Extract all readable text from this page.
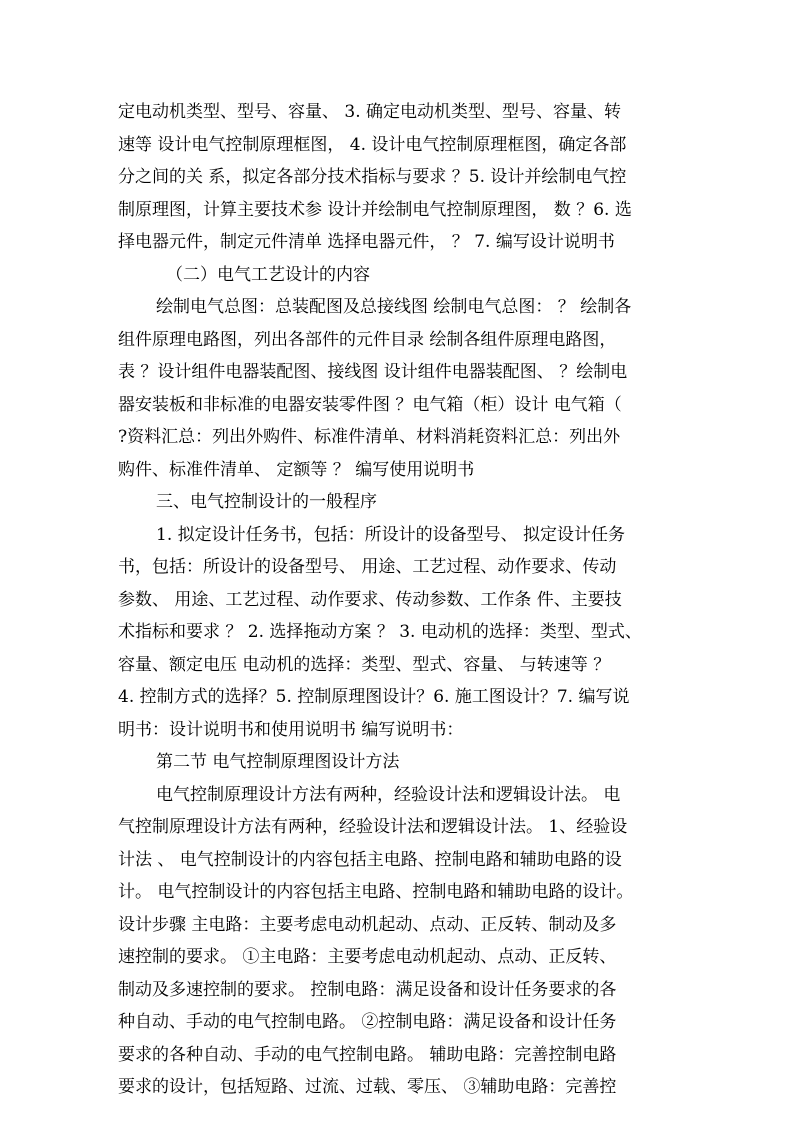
定电动机类型、型号、容量、 3. 确定电动机类型、型号、容量、转
速等 设计电气控制原理框图， 4. 设计电气控制原理框图，确定各部
分之间的关 系，拟定各部分技术指标与要求 ？5. 设计并绘制电气控
制原理图，计算主要技术参 设计并绘制电气控制原理图， 数 ？6. 选
择电器元件，制定元件清单 选择电器元件， ？ 7. 编写设计说明书
（二）电气工艺设计的内容
绘制电气总图：总装配图及总接线图 绘制电气总图： ？ 绘制各
组件原理电路图，列出各部件的元件目录 绘制各组件原理电路图，
表 ？设计组件电器装配图、接线图 设计组件电器装配图、 ？绘制电
器安装板和非标准的电器安装零件图 ？电气箱（柜）设计 电气箱（
?资料汇总：列出外购件、标准件清单、材料消耗资料汇总：列出外
购件、标准件清单、 定额等 ？ 编写使用说明书
三、电气控制设计的一般程序
1. 拟定设计任务书，包括：所设计的设备型号、 拟定设计任务
书，包括：所设计的设备型号、 用途、工艺过程、动作要求、传动
参数、 用途、工艺过程、动作要求、传动参数、工作条 件、主要技
术指标和要求 ？ 2. 选择拖动方案 ？ 3. 电动机的选择：类型、型式、
容量、额定电压 电动机的选择：类型、型式、容量、 与转速等 ？
4. 控制方式的选择？5. 控制原理图设计？6. 施工图设计？7. 编写说
明书：设计说明书和使用说明书 编写说明书：
第二节 电气控制原理图设计方法
电气控制原理设计方法有两种，经验设计法和逻辑设计法。 电
气控制原理设计方法有两种，经验设计法和逻辑设计法。 1、经验设
计法 、 电气控制设计的内容包括主电路、控制电路和辅助电路的设
计。 电气控制设计的内容包括主电路、控制电路和辅助电路的设计。
设计步骤 主电路：主要考虑电动机起动、点动、正反转、制动及多
速控制的要求。 ①主电路：主要考虑电动机起动、点动、正反转、
制动及多速控制的要求。 控制电路：满足设备和设计任务要求的各
种自动、手动的电气控制电路。 ②控制电路：满足设备和设计任务
要求的各种自动、手动的电气控制电路。 辅助电路：完善控制电路
要求的设计，包括短路、过流、过载、零压、 ③辅助电路：完善控
